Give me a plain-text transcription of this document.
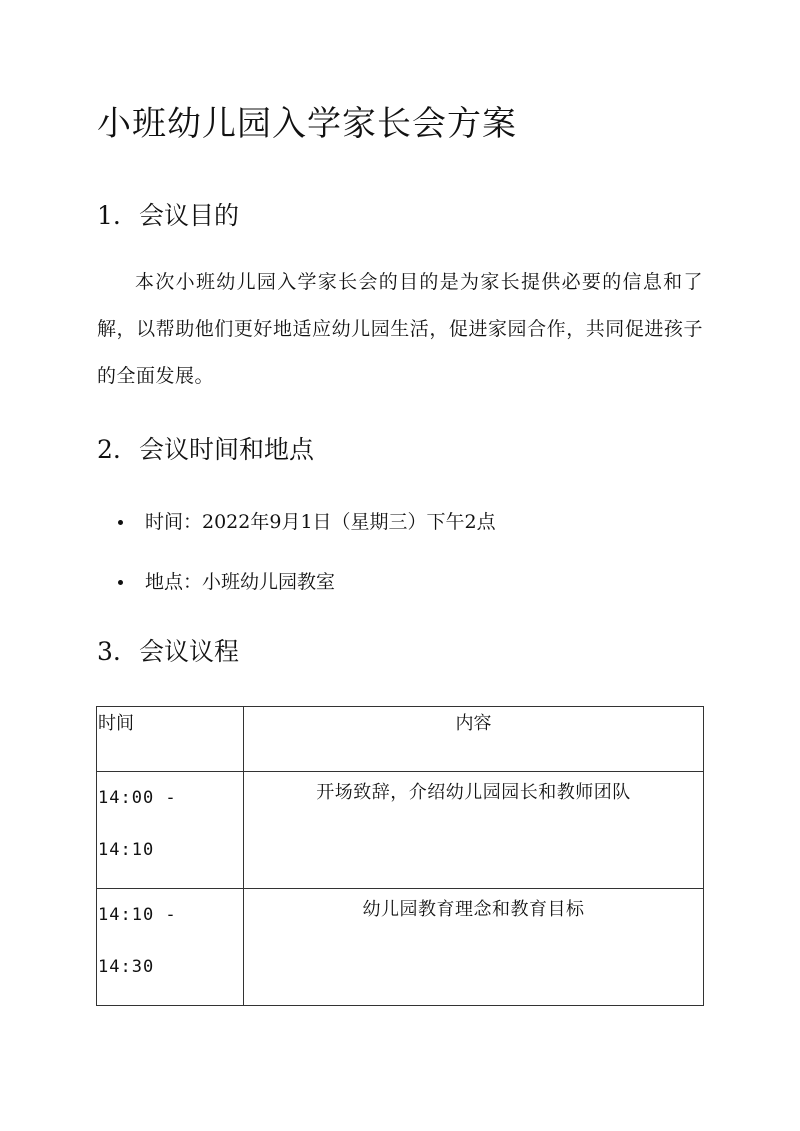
小班幼儿园入学家长会方案
1. 会议目的

本次小班幼儿园入学家长会的目的是为家长提供必要的信息和了解，以帮助他们更好地适应幼儿园生活，促进家园合作，共同促进孩子的全面发展。

2. 会议时间和地点
时间：2022年9月1日（星期三）下午2点
地点：小班幼儿园教室
3. 会议议程
时间	内容

14:00 -
14:10	开场致辞，介绍幼儿园园长和教师团队

14:10 -
14:30	幼儿园教育理念和教育目标
